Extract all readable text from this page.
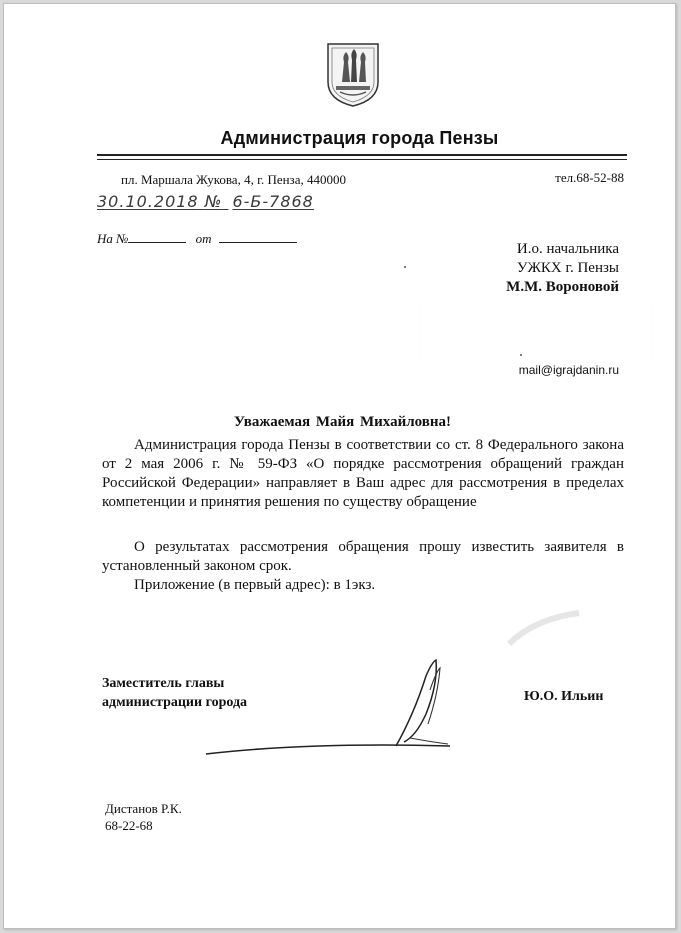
Администрация города Пензы
пл. Маршала Жукова, 4, г. Пенза, 440000	тел.68-52-88
30.10.2018 № 6-Б-7868
На №	от
И.о. начальника
УЖКХ г. Пензы
М.М. Вороновой
mail@igrajdanin.ru
Уважаемая Майя Михайловна!

Администрация города Пензы в соответствии со ст. 8 Федерального закона от 2 мая 2006 г. № 59-ФЗ «О порядке рассмотрения обращений граждан Российской Федерации» направляет в Ваш адрес для рассмотрения в пределах компетенции и принятия решения по существу обращение

О результатах рассмотрения обращения прошу известить заявителя в установленный законом срок.

Приложение (в первый адрес): в 1экз.

Заместитель главы
администрации города	Ю.О. Ильин
Дистанов Р.К.
68-22-68
